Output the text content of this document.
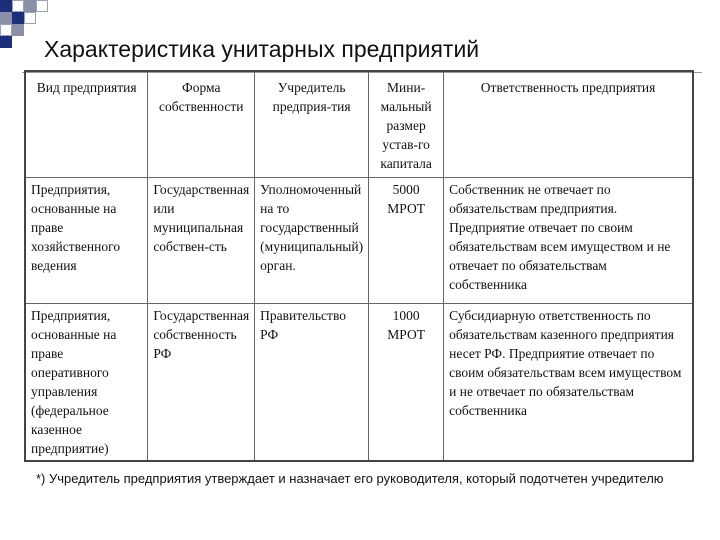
Характеристика унитарных предприятий
Вид предприятия	Форма собственности	Учредитель предприя-тия	Мини-мальный размер устав-го капитала	Ответственность предприятия
Предприятия, основанные на праве хозяйственного ведения	Государственная или муниципальная собствен-сть	Уполномоченный на то государственный (муниципальный) орган.	5000 МРОТ	Собственник не отвечает по обязательствам предприятия. Предприятие отвечает по своим обязательствам всем имуществом и не отвечает по обязательствам собственника
Предприятия, основанные на праве оперативного управления (федеральное казенное предприятие)	Государственная собственность РФ	Правительство РФ	1000 МРОТ	Субсидиарную ответственность по обязательствам казенного предприятия несет РФ. Предприятие отвечает по своим обязательствам всем имуществом и не отвечает по обязательствам собственника
*) Учредитель предприятия утверждает и назначает его руководителя, который подотчетен учредителю
